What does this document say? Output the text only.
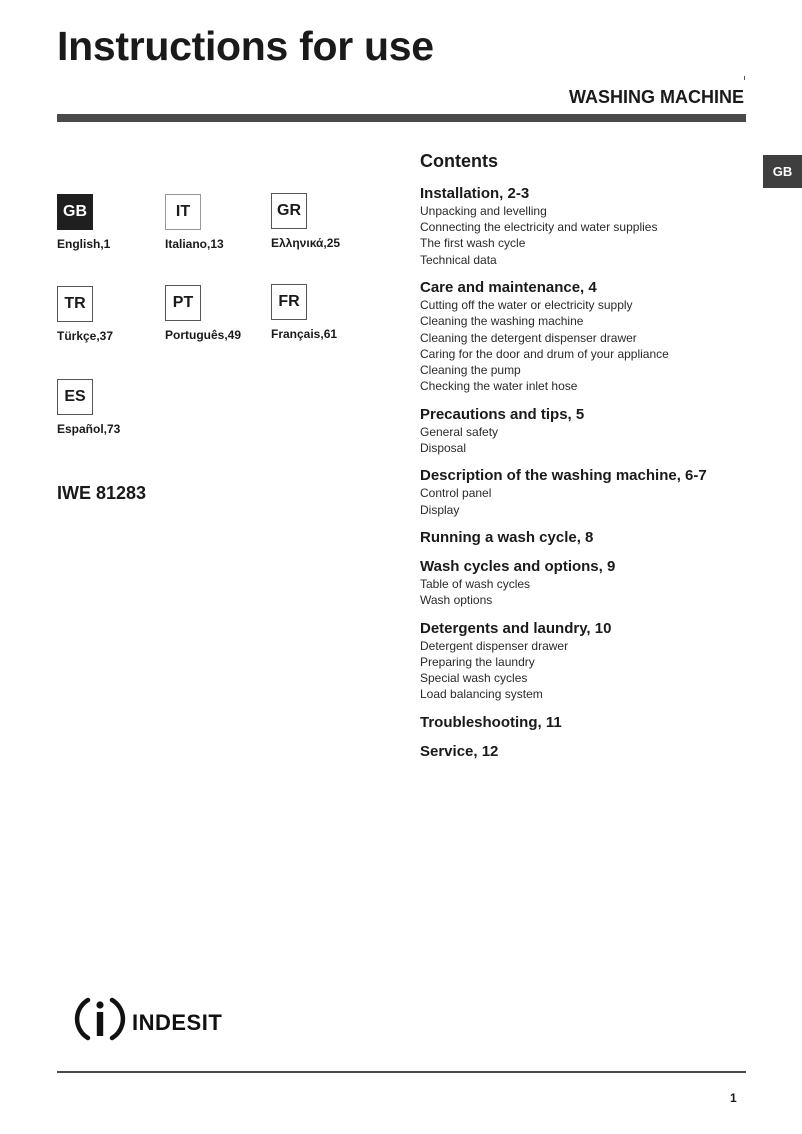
Instructions for use
WASHING MACHINE
GB
GB
English,1
IT
Italiano,13
GR
Ελληνικά,25
TR
Türkçe,37
PT
Português,49
FR
Français,61
ES
Español,73
IWE 81283
Contents
Installation, 2-3
Unpacking and levelling
Connecting the electricity and water supplies
The first wash cycle
Technical data
Care and maintenance, 4
Cutting off the water or electricity supply
Cleaning the washing machine
Cleaning the detergent dispenser drawer
Caring for the door and drum of your appliance
Cleaning the pump
Checking the water inlet hose
Precautions and tips, 5
General safety
Disposal
Description of the washing machine, 6-7
Control panel
Display
Running a wash cycle, 8
Wash cycles and options, 9
Table of wash cycles
Wash options
Detergents and laundry, 10
Detergent dispenser drawer
Preparing the laundry
Special wash cycles
Load balancing system
Troubleshooting, 11
Service, 12
indesit
1
